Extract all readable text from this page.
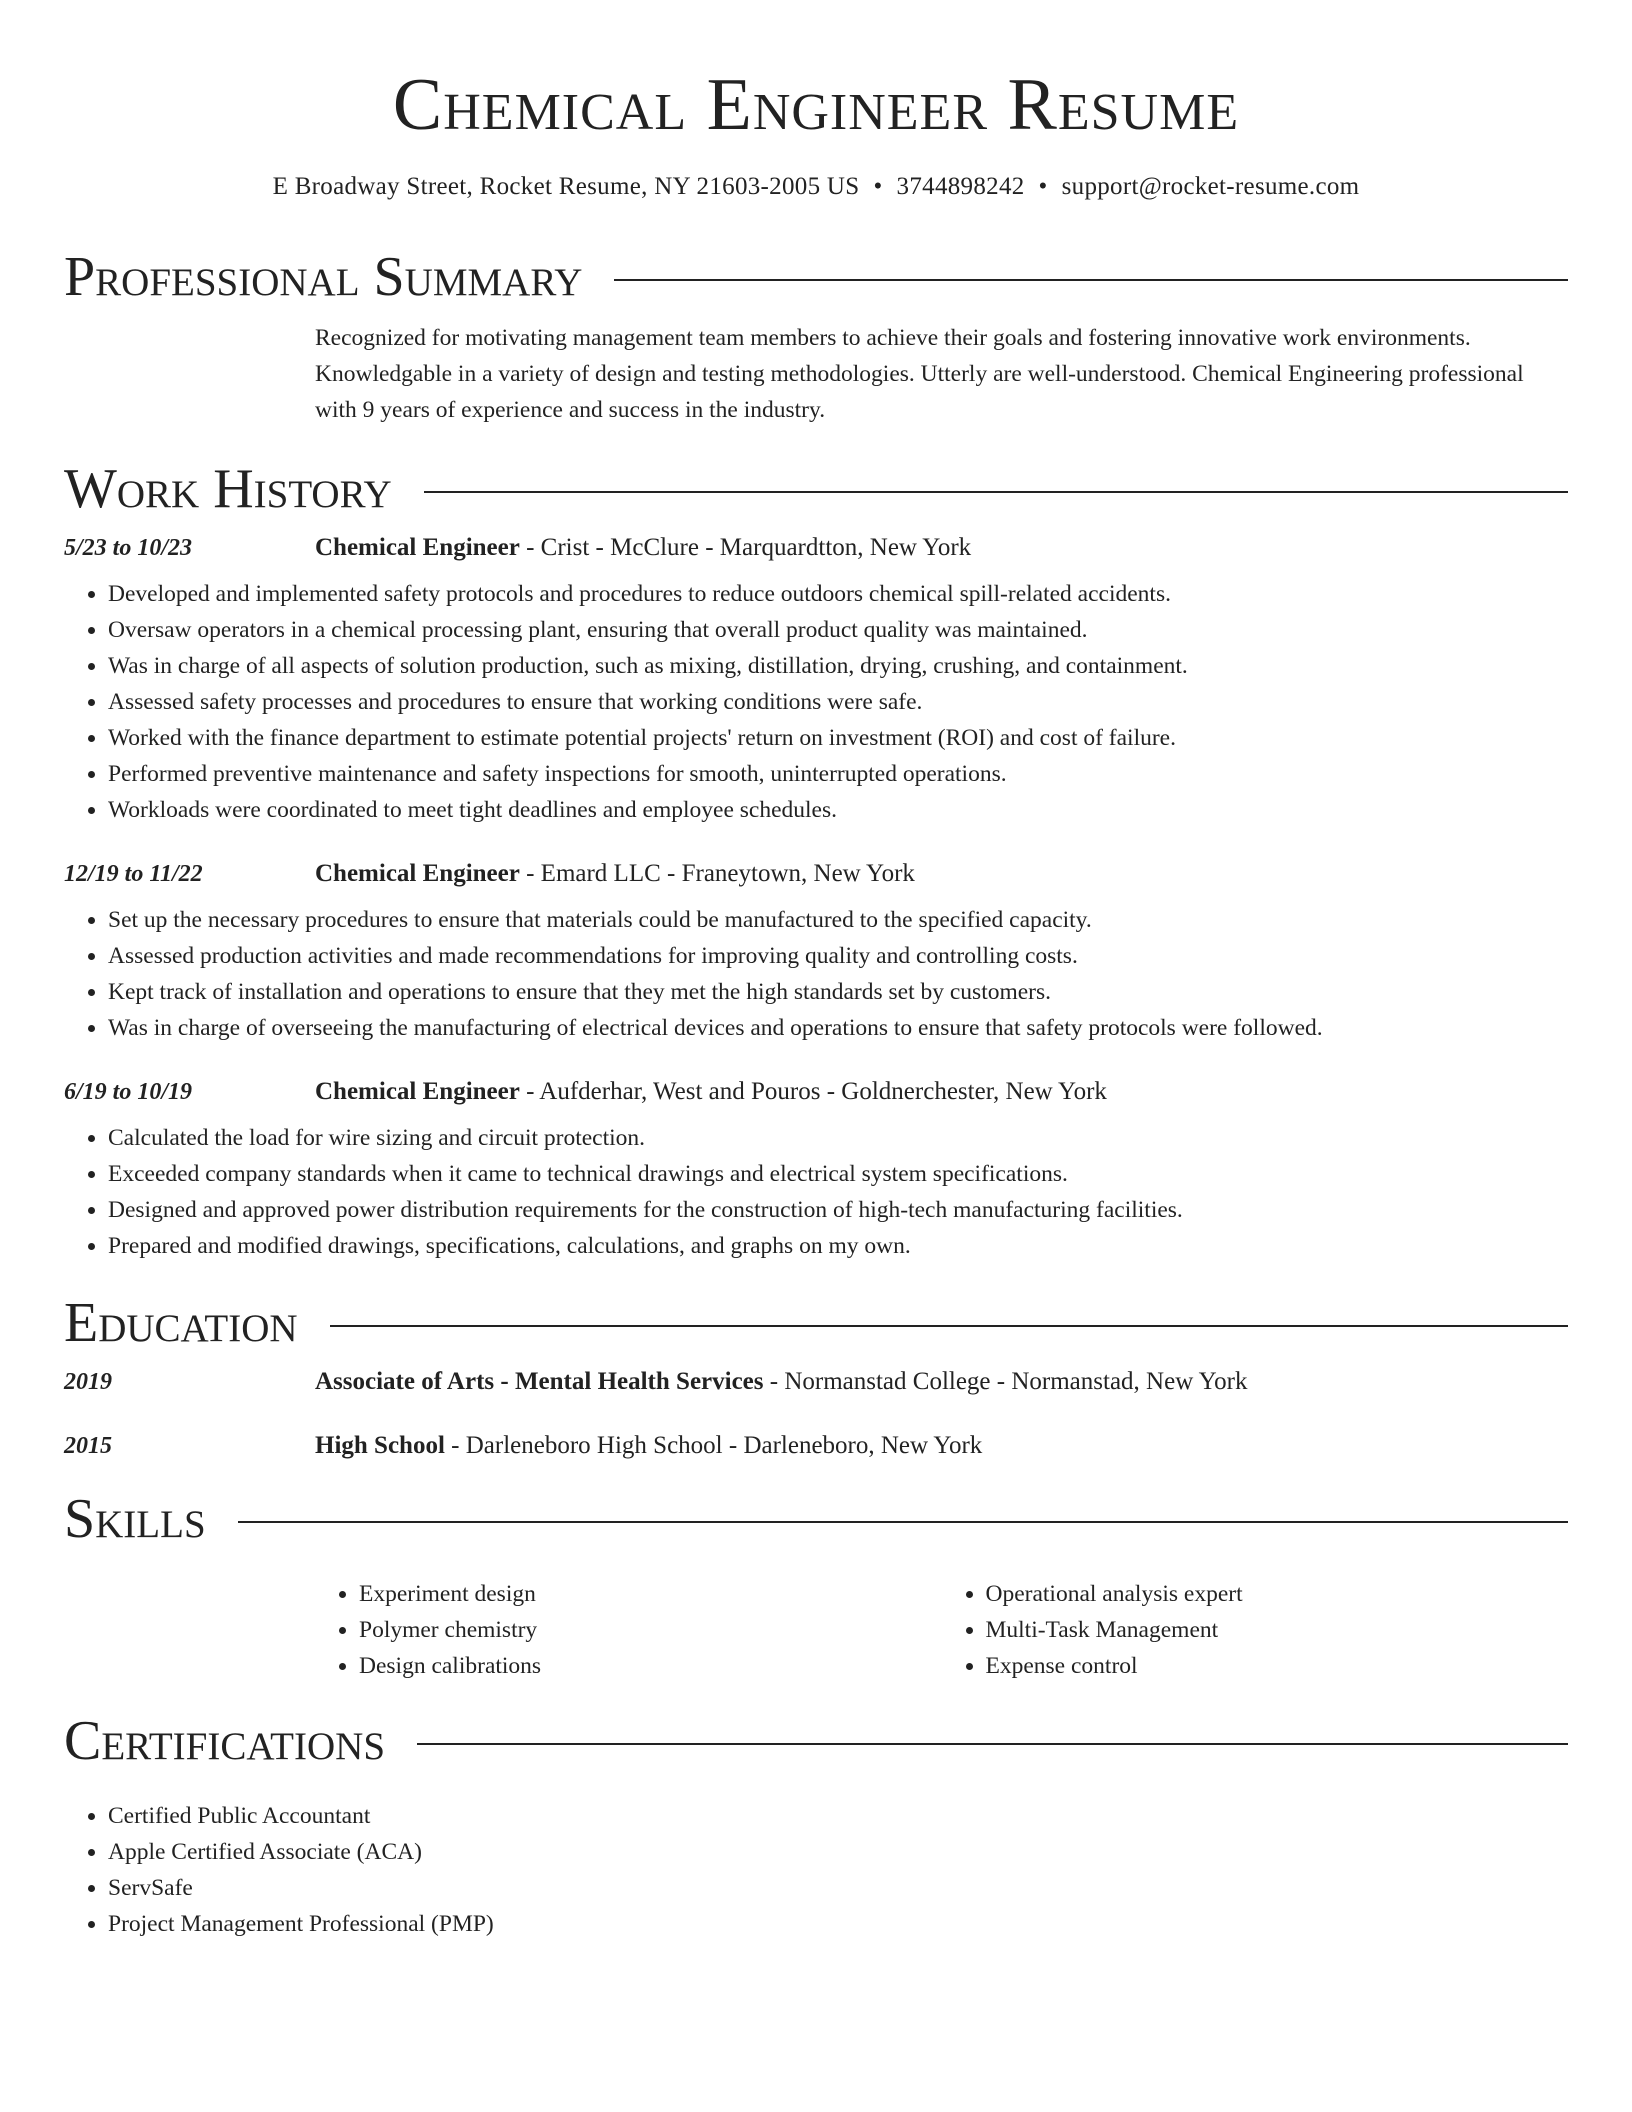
Chemical Engineer Resume
E Broadway Street, Rocket Resume, NY 21603-2005 US • 3744898242 • support@rocket-resume.com
Professional Summary

Recognized for motivating management team members to achieve their goals and fostering innovative work environments. Knowledgable in a variety of design and testing methodologies. Utterly are well-understood. Chemical Engineering professional with 9 years of experience and success in the industry.

Work History
5/23 to 10/23	Chemical Engineer - Crist - McClure - Marquardtton, New York
• Developed and implemented safety protocols and procedures to reduce outdoors chemical spill-related accidents.
• Oversaw operators in a chemical processing plant, ensuring that overall product quality was maintained.
• Was in charge of all aspects of solution production, such as mixing, distillation, drying, crushing, and containment.
• Assessed safety processes and procedures to ensure that working conditions were safe.
• Worked with the finance department to estimate potential projects' return on investment (ROI) and cost of failure.
• Performed preventive maintenance and safety inspections for smooth, uninterrupted operations.
• Workloads were coordinated to meet tight deadlines and employee schedules.
12/19 to 11/22	Chemical Engineer - Emard LLC - Franeytown, New York
• Set up the necessary procedures to ensure that materials could be manufactured to the specified capacity.
• Assessed production activities and made recommendations for improving quality and controlling costs.
• Kept track of installation and operations to ensure that they met the high standards set by customers.
• Was in charge of overseeing the manufacturing of electrical devices and operations to ensure that safety protocols were followed.
6/19 to 10/19	Chemical Engineer - Aufderhar, West and Pouros - Goldnerchester, New York
• Calculated the load for wire sizing and circuit protection.
• Exceeded company standards when it came to technical drawings and electrical system specifications.
• Designed and approved power distribution requirements for the construction of high-tech manufacturing facilities.
• Prepared and modified drawings, specifications, calculations, and graphs on my own.
Education
2019	Associate of Arts - Mental Health Services - Normanstad College - Normanstad, New York
2015	High School - Darleneboro High School - Darleneboro, New York
Skills
• Experiment design
• Polymer chemistry
• Design calibrations
• Operational analysis expert
• Multi-Task Management
• Expense control
Certifications
• Certified Public Accountant
• Apple Certified Associate (ACA)
• ServSafe
• Project Management Professional (PMP)
